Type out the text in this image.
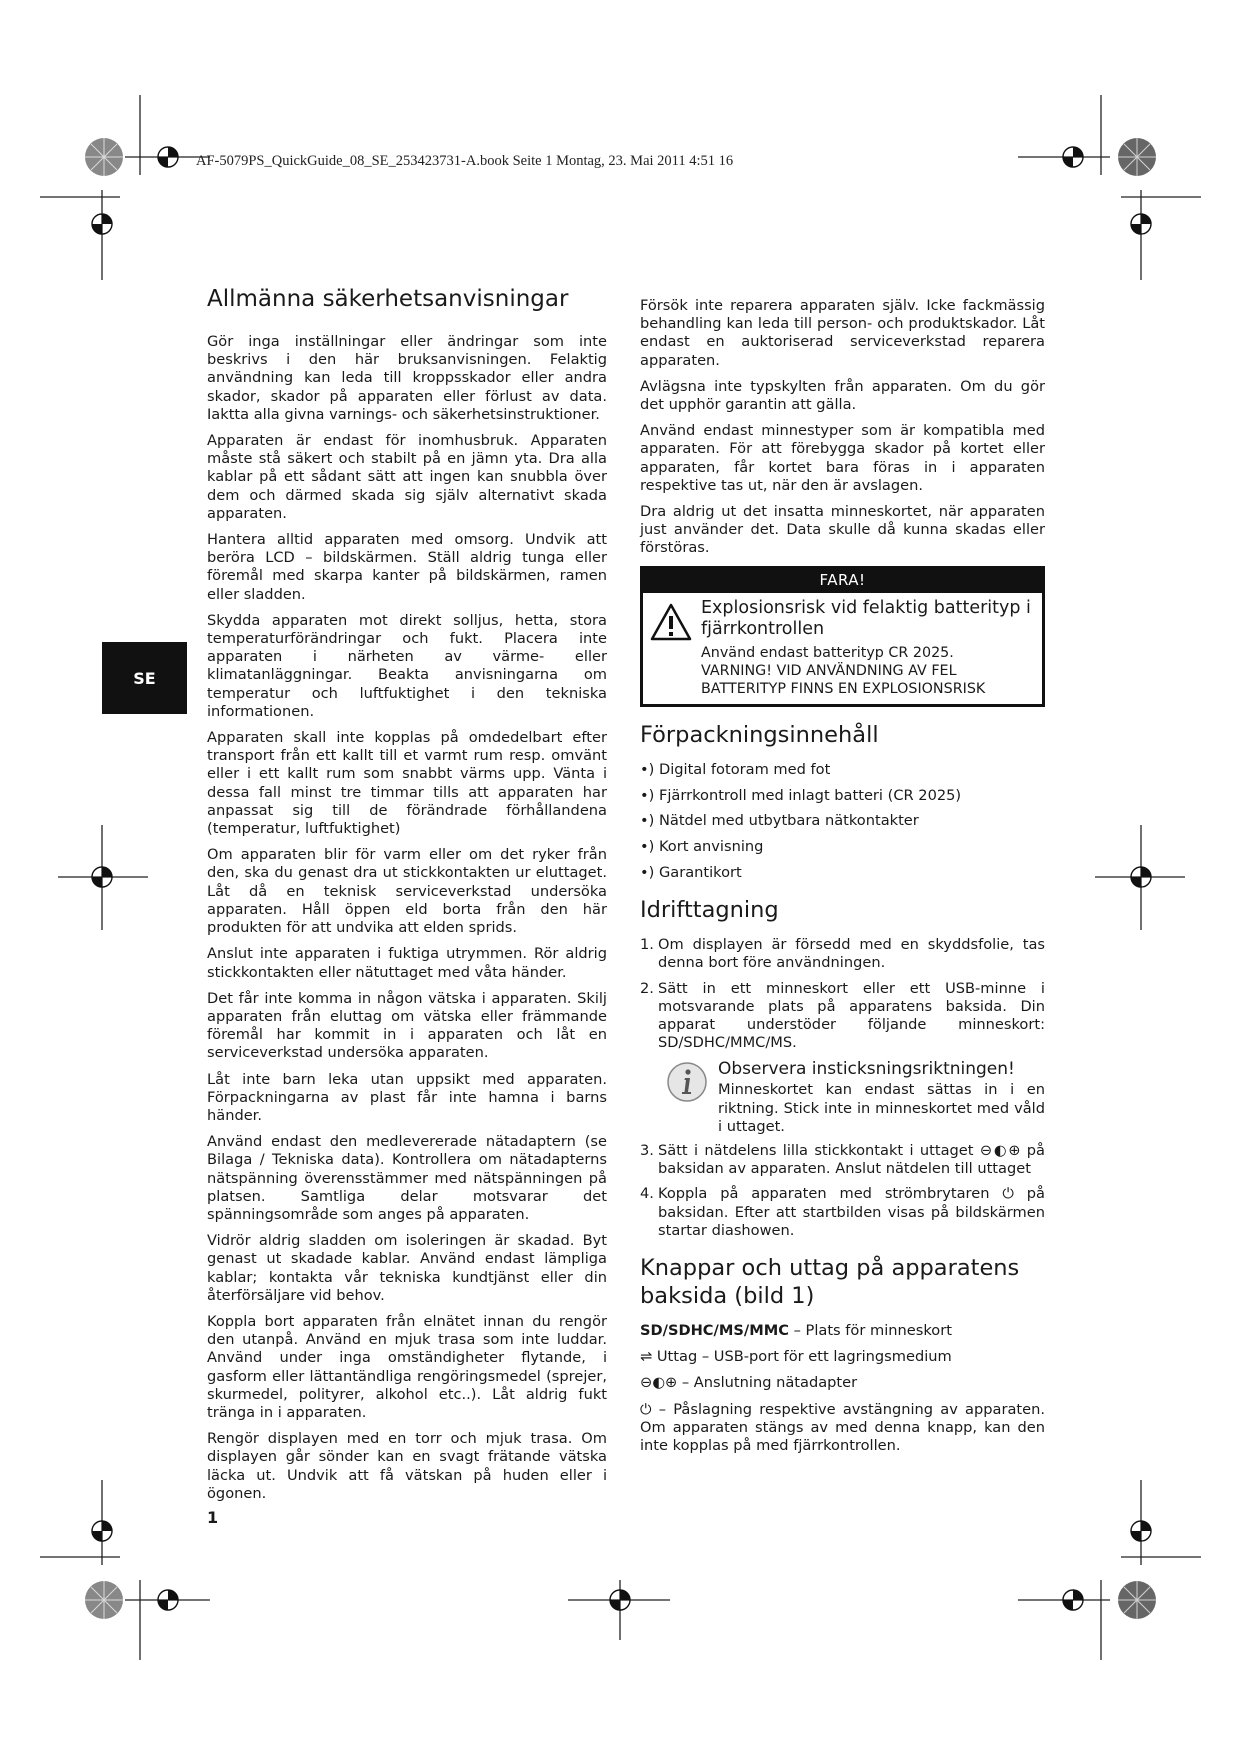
AF-5079PS_QuickGuide_08_SE_253423731-A.book Seite 1 Montag, 23. Mai 2011 4:51 16
SE
Allmänna säkerhetsanvisningar

Gör inga inställningar eller ändringar som inte beskrivs i den här bruksanvisningen. Felaktig användning kan leda till kroppsskador eller andra skador, skador på apparaten eller förlust av data. Iaktta alla givna varnings- och säkerhetsinstruktioner.

Apparaten är endast för inomhusbruk. Apparaten måste stå säkert och stabilt på en jämn yta. Dra alla kablar på ett sådant sätt att ingen kan snubbla över dem och därmed skada sig själv alternativt skada apparaten.

Hantera alltid apparaten med omsorg. Undvik att beröra LCD – bildskärmen. Ställ aldrig tunga eller föremål med skarpa kanter på bildskärmen, ramen eller sladden.

Skydda apparaten mot direkt solljus, hetta, stora temperaturförändringar och fukt. Placera inte apparaten i närheten av värme- eller klimatanläggningar. Beakta anvisningarna om temperatur och luftfuktighet i den tekniska informationen.

Apparaten skall inte kopplas på omdedelbart efter transport från ett kallt till et varmt rum resp. omvänt eller i ett kallt rum som snabbt värms upp. Vänta i dessa fall minst tre timmar tills att apparaten har anpassat sig till de förändrade förhållandena (temperatur, luftfuktighet)

Om apparaten blir för varm eller om det ryker från den, ska du genast dra ut stickkontakten ur eluttaget. Låt då en teknisk serviceverkstad undersöka apparaten. Håll öppen eld borta från den här produkten för att undvika att elden sprids.

Anslut inte apparaten i fuktiga utrymmen. Rör aldrig stickkontakten eller nätuttaget med våta händer.

Det får inte komma in någon vätska i apparaten. Skilj apparaten från eluttag om vätska eller främmande föremål har kommit in i apparaten och låt en serviceverkstad undersöka apparaten.

Låt inte barn leka utan uppsikt med apparaten. Förpackningarna av plast får inte hamna i barns händer.

Använd endast den medlevererade nätadaptern (se Bilaga / Tekniska data). Kontrollera om nätadapterns nätspänning överensstämmer med nätspänningen på platsen. Samtliga delar motsvarar det spänningsområde som anges på apparaten.

Vidrör aldrig sladden om isoleringen är skadad. Byt genast ut skadade kablar. Använd endast lämpliga kablar; kontakta vår tekniska kundtjänst eller din återförsäljare vid behov.

Koppla bort apparaten från elnätet innan du rengör den utanpå. Använd en mjuk trasa som inte luddar. Använd under inga omständigheter flytande, i gasform eller lättantändliga rengöringsmedel (sprejer, skurmedel, polityrer, alkohol etc..). Låt aldrig fukt tränga in i apparaten.

Rengör displayen med en torr och mjuk trasa. Om displayen går sönder kan en svagt frätande vätska läcka ut. Undvik att få vätskan på huden eller i ögonen.

Försök inte reparera apparaten själv. Icke fackmässig behandling kan leda till person- och produktskador. Låt endast en auktoriserad serviceverkstad reparera apparaten.

Avlägsna inte typskylten från apparaten. Om du gör det upphör garantin att gälla.

Använd endast minnestyper som är kompatibla med apparaten. För att förebygga skador på kortet eller apparaten, får kortet bara föras in i apparaten respektive tas ut, när den är avslagen.

Dra aldrig ut det insatta minneskortet, när apparaten just använder det. Data skulle då kunna skadas eller förstöras.

FARA!
Explosionsrisk vid felaktig batterityp i fjärrkontrollen
Använd endast batterityp CR 2025.
VARNING! VID ANVÄNDNING AV FEL BATTERITYP FINNS EN EXPLOSIONSRISK
Förpackningsinnehåll
•) Digital fotoram med fot
•) Fjärrkontroll med inlagt batteri (CR 2025)
•) Nätdel med utbytbara nätkontakter
•) Kort anvisning
•) Garantikort
Idrifttagning
1. Om displayen är försedd med en skyddsfolie, tas denna bort före användningen.
2. Sätt in ett minneskort eller ett USB-minne i motsvarande plats på apparatens baksida. Din apparat understöder följande minneskort: SD/SDHC/MMC/MS.
Observera insticksningsriktningen!
Minneskortet kan endast sättas in i en riktning. Stick inte in minneskortet med våld i uttaget.
3. Sätt i nätdelens lilla stickkontakt i uttaget ⊖◐⊕ på baksidan av apparaten. Anslut nätdelen till uttaget
4. Koppla på apparaten med strömbrytaren ⏻ på baksidan. Efter att startbilden visas på bildskärmen startar diashowen.
Knappar och uttag på apparatens baksida (bild 1)

SD/SDHC/MS/MMC – Plats för minneskort

⇌ Uttag – USB-port för ett lagringsmedium

⊖◐⊕ – Anslutning nätadapter

⏻ – Påslagning respektive avstängning av apparaten. Om apparaten stängs av med denna knapp, kan den inte kopplas på med fjärrkontrollen.

1
